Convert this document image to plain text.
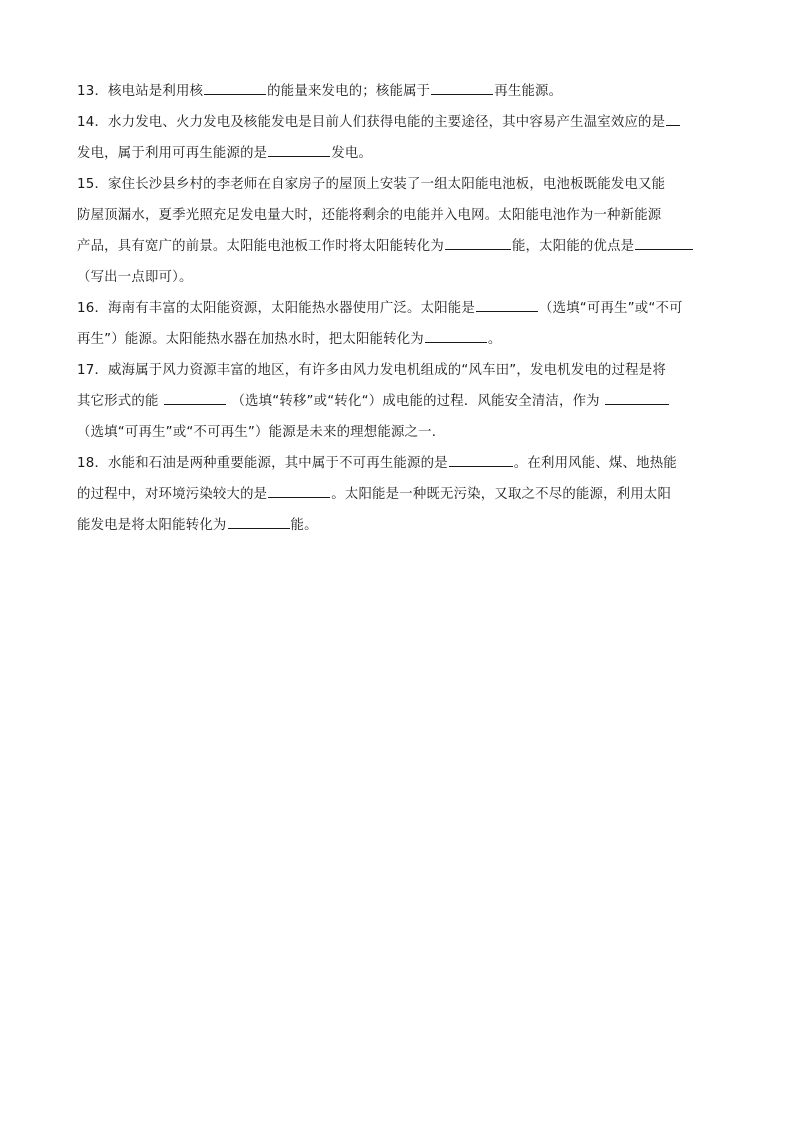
13．核电站是利用核	的能量来发电的；核能属于	再生能源。
14．水力发电、火力发电及核能发电是目前人们获得电能的主要途径，其中容易产生温室效应的是
发电，属于利用可再生能源的是	发电。
15．家住长沙县乡村的李老师在自家房子的屋顶上安装了一组太阳能电池板，电池板既能发电又能
防屋顶漏水，夏季光照充足发电量大时，还能将剩余的电能并入电网。太阳能电池作为一种新能源
产品，具有宽广的前景。太阳能电池板工作时将太阳能转化为	能，太阳能的优点是
（写出一点即可）。
16．海南有丰富的太阳能资源，太阳能热水器使用广泛。太阳能是	（选填“可再生”或“不可
再生”）能源。太阳能热水器在加热水时，把太阳能转化为	。
17．威海属于风力资源丰富的地区，有许多由风力发电机组成的“风车田”，发电机发电的过程是将
其它形式的能	（选填“转移”或“转化“）成电能的过程．风能安全清洁，作为
（选填“可再生”或“不可再生”）能源是未来的理想能源之一．
18．水能和石油是两种重要能源，其中属于不可再生能源的是	。在利用风能、煤、地热能
的过程中，对环境污染较大的是	。太阳能是一种既无污染，又取之不尽的能源，利用太阳
能发电是将太阳能转化为	能。
